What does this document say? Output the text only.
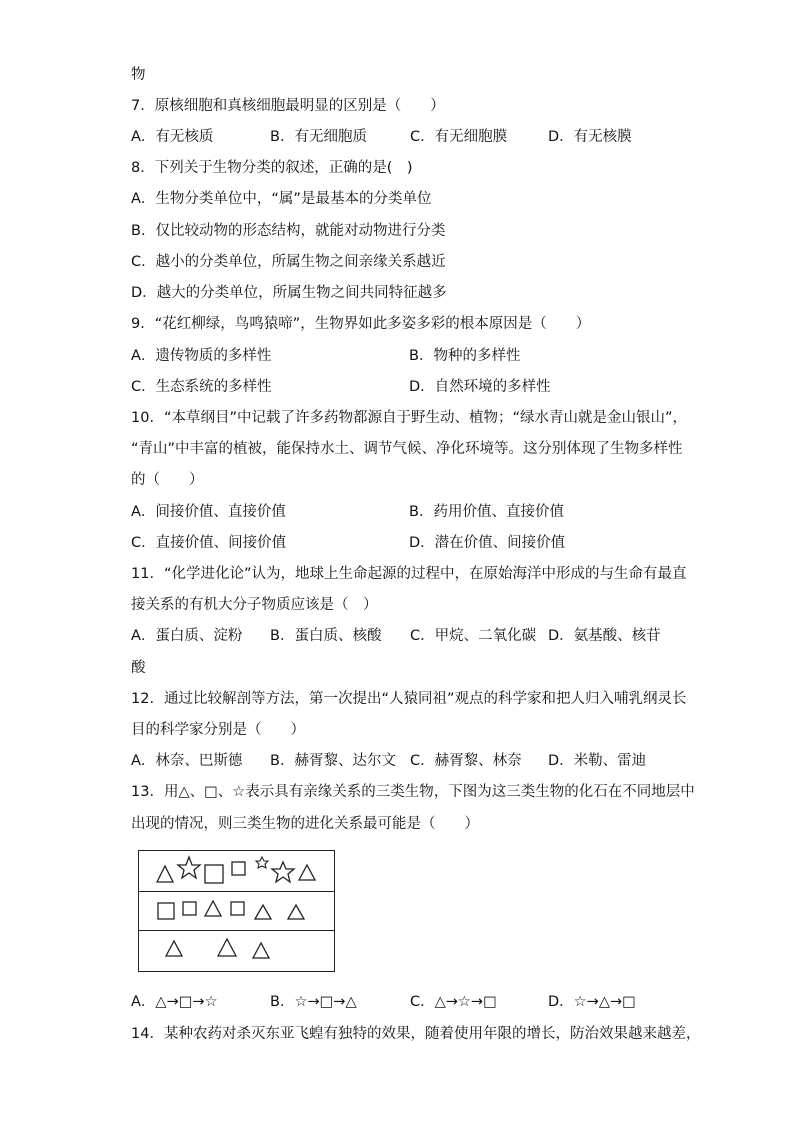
物
7．原核细胞和真核细胞最明显的区别是（　　）
A．有无核质	B．有无细胞质	C．有无细胞膜	D．有无核膜
8．下列关于生物分类的叙述，正确的是(　)
A．生物分类单位中，“属”是最基本的分类单位
B．仅比较动物的形态结构，就能对动物进行分类
C．越小的分类单位，所属生物之间亲缘关系越近
D．越大的分类单位，所属生物之间共同特征越多
9．“花红柳绿，鸟鸣猿啼”，生物界如此多姿多彩的根本原因是（　　）
A．遗传物质的多样性	B．物种的多样性
C．生态系统的多样性	D．自然环境的多样性
10．“本草纲目”中记载了许多药物都源自于野生动、植物；“绿水青山就是金山银山”，
“青山”中丰富的植被，能保持水土、调节气候、净化环境等。这分别体现了生物多样性
的（　　）
A．间接价值、直接价值	B．药用价值、直接价值
C．直接价值、间接价值	D．潜在价值、间接价值
11．“化学进化论”认为，地球上生命起源的过程中，在原始海洋中形成的与生命有最直
接关系的有机大分子物质应该是（　）
A．蛋白质、淀粉 B．蛋白质、核酸 C．甲烷、二氧化碳 D．氨基酸、核苷
酸
12．通过比较解剖等方法，第一次提出“人猿同祖”观点的科学家和把人归入哺乳纲灵长
目的科学家分别是（　　）
A．林奈、巴斯德 B．赫胥黎、达尔文 C．赫胥黎、林奈 D．米勒、雷迪
13．用△、□、☆表示具有亲缘关系的三类生物，下图为这三类生物的化石在不同地层中
出现的情况，则三类生物的进化关系最可能是（　　）
A．△→□→☆	B．☆→□→△	C．△→☆→□	D．☆→△→□
14．某种农药对杀灭东亚飞蝗有独特的效果，随着使用年限的增长，防治效果越来越差，
